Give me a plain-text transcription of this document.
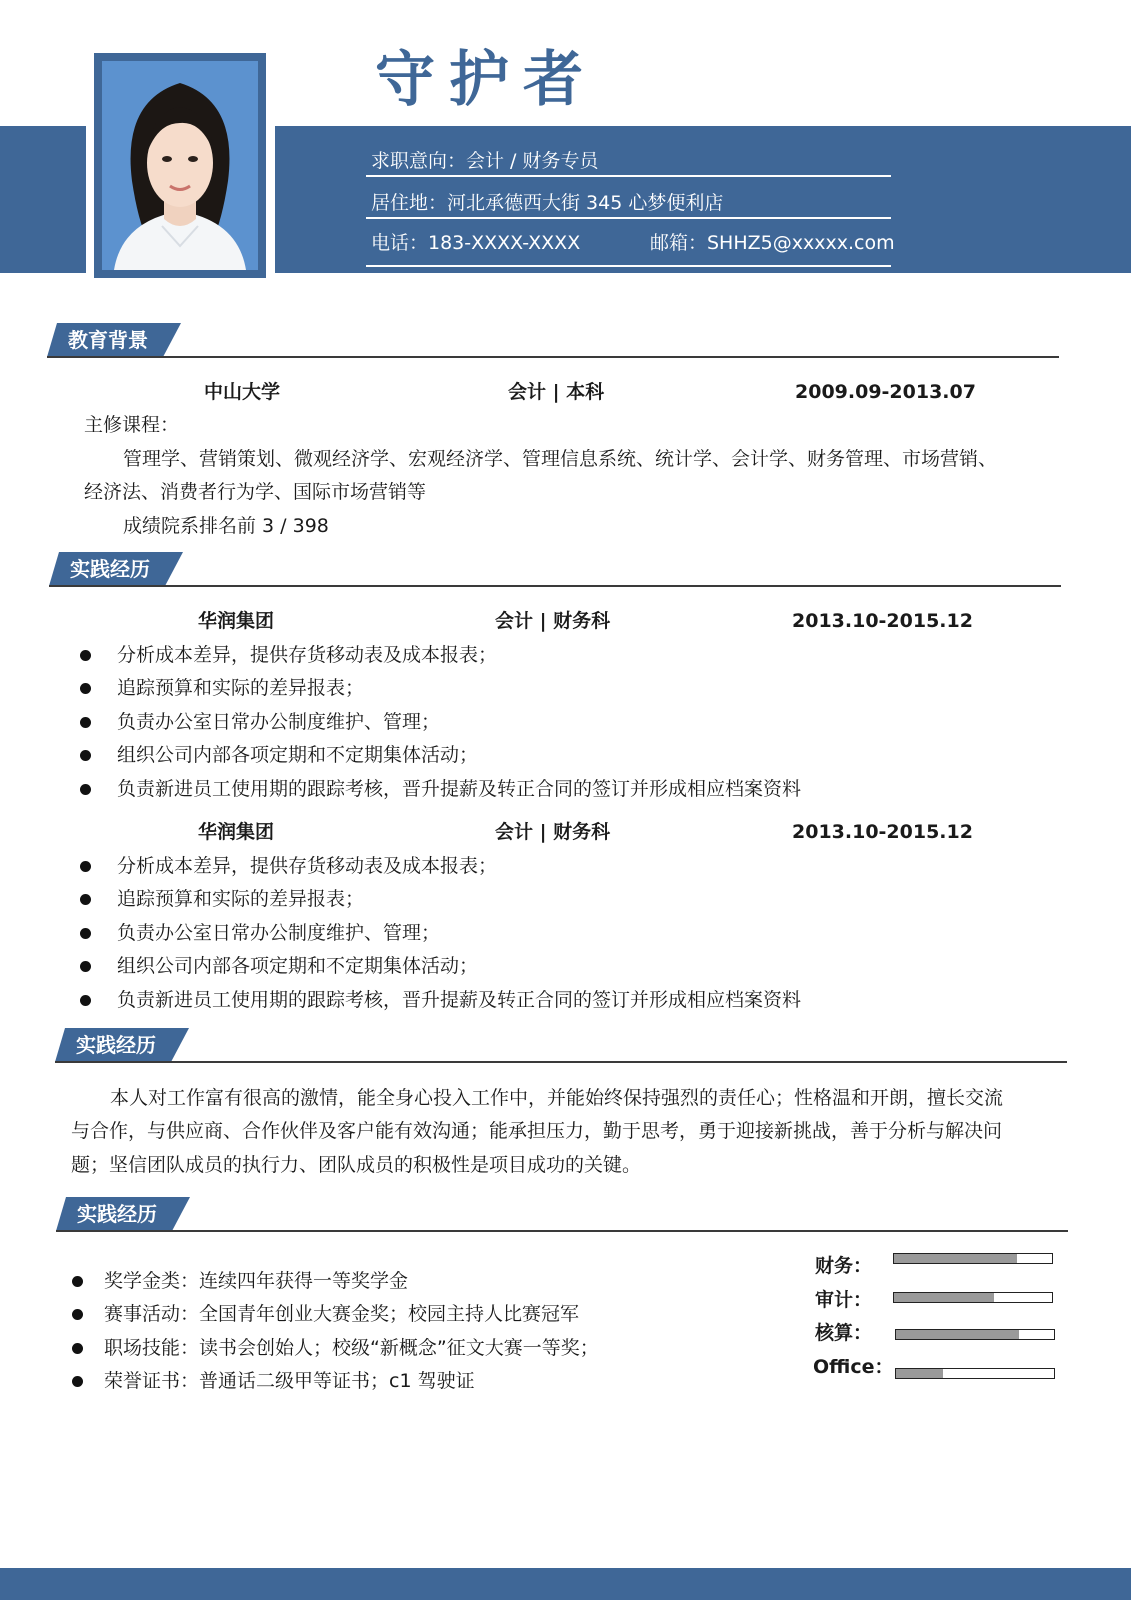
守护者
求职意向：会计 / 财务专员
居住地：河北承德西大街 345 心梦便利店
电话：183-XXXX-XXXX	邮箱：SHHZ5@xxxxx.com
教育背景
中山大学	会计 | 本科	2009.09-2013.07
主修课程：
管理学、营销策划、微观经济学、宏观经济学、管理信息系统、统计学、会计学、财务管理、市场营销、
经济法、消费者行为学、国际市场营销等
成绩院系排名前 3 / 398
实践经历
华润集团	会计 | 财务科	2013.10-2015.12
分析成本差异，提供存货移动表及成本报表；
追踪预算和实际的差异报表；
负责办公室日常办公制度维护、管理；
组织公司内部各项定期和不定期集体活动；
负责新进员工使用期的跟踪考核，晋升提薪及转正合同的签订并形成相应档案资料
华润集团	会计 | 财务科	2013.10-2015.12
分析成本差异，提供存货移动表及成本报表；
追踪预算和实际的差异报表；
负责办公室日常办公制度维护、管理；
组织公司内部各项定期和不定期集体活动；
负责新进员工使用期的跟踪考核，晋升提薪及转正合同的签订并形成相应档案资料
实践经历
本人对工作富有很高的激情，能全身心投入工作中，并能始终保持强烈的责任心；性格温和开朗，擅长交流
与合作，与供应商、合作伙伴及客户能有效沟通；能承担压力，勤于思考，勇于迎接新挑战，善于分析与解决问
题；坚信团队成员的执行力、团队成员的积极性是项目成功的关键。
实践经历
奖学金类：连续四年获得一等奖学金
赛事活动：全国青年创业大赛金奖；校园主持人比赛冠军
职场技能：读书会创始人；校级“新概念”征文大赛一等奖；
荣誉证书：普通话二级甲等证书；c1 驾驶证
财务：
审计：
核算：
Office：
